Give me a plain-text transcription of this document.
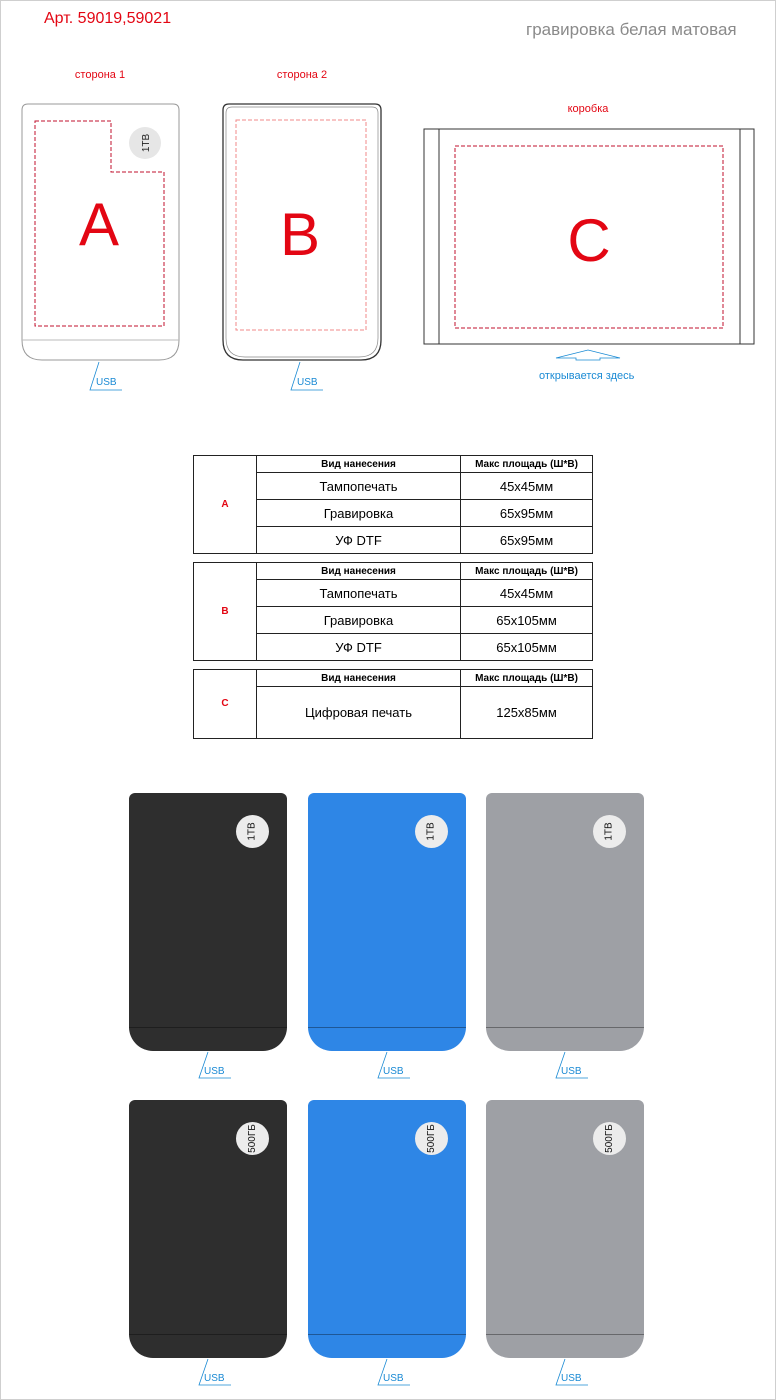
Арт. 59019,59021
гравировка белая матовая
сторона 1	сторона 2
коробка
1TB
A	B	C
USB	USB
открывается здесь
A	Вид нанесения	Макс площадь (Ш*В)
	Тампопечать	45x45мм
	Гравировка	65x95мм
	УФ DTF	65x95мм
B	Вид нанесения	Макс площадь (Ш*В)
	Тампопечать	45x45мм
	Гравировка	65x105мм
	УФ DTF	65x105мм
C	Вид нанесения	Макс площадь (Ш*В)
	Цифровая печать	125x85мм
1TB	1TB	1TB
500ГБ	500ГБ	500ГБ
USB	USB	USB
USB	USB	USB
